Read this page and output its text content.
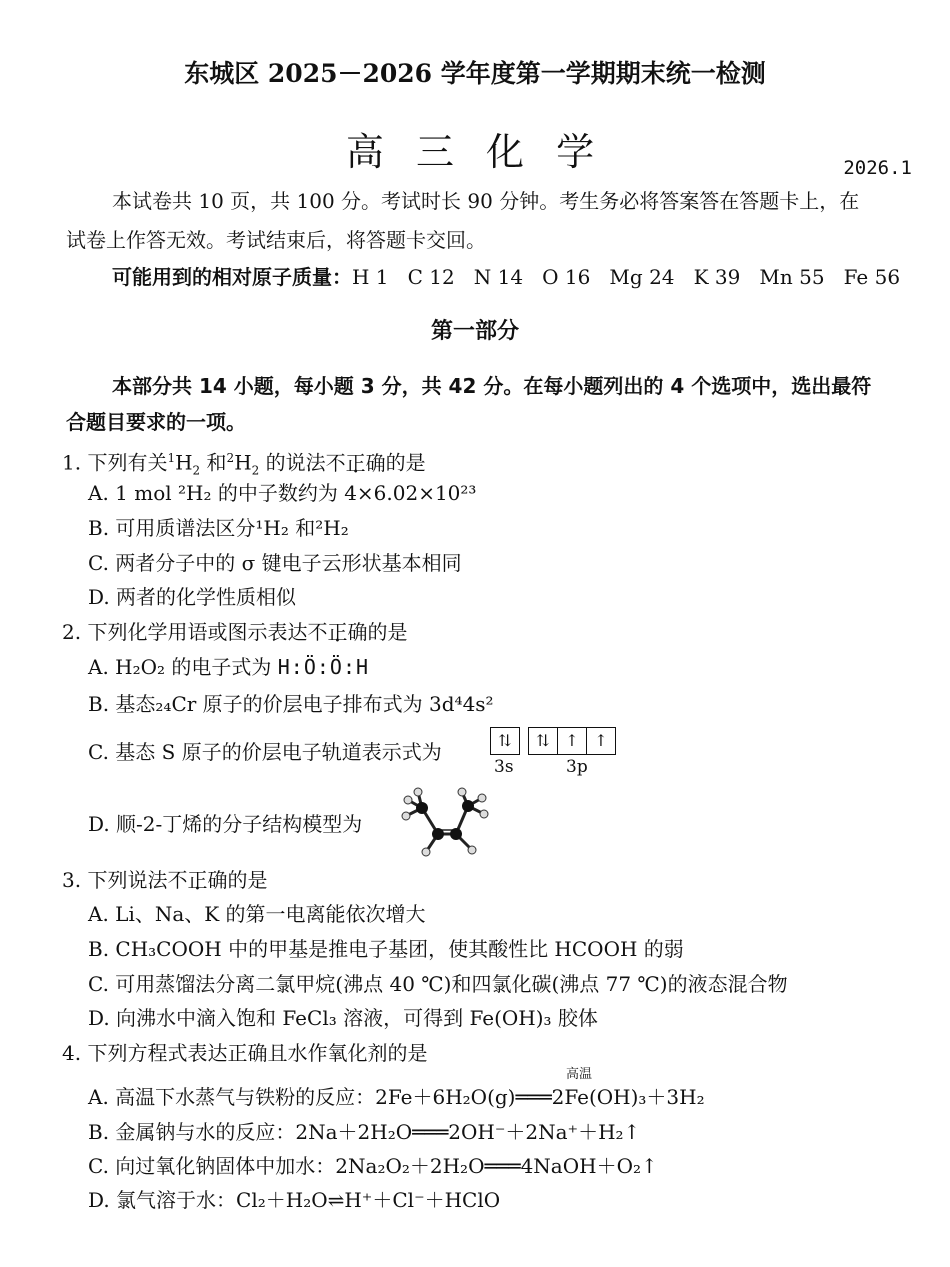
东城区 2025－2026 学年度第一学期期末统一检测
高 三 化 学	2026.1
本试卷共 10 页，共 100 分。考试时长 90 分钟。考生务必将答案答在答题卡上，在
试卷上作答无效。考试结束后，将答题卡交回。
可能用到的相对原子质量：H 1   C 12   N 14   O 16   Mg 24   K 39   Mn 55   Fe 56
第一部分
本部分共 14 小题，每小题 3 分，共 42 分。在每小题列出的 4 个选项中，选出最符
合题目要求的一项。
1. 下列有关$^1H_2$ 和$^2H_2$ 的说法不正确的是
A. 1 mol ²H₂ 的中子数约为 4×6.02×10²³
B. 可用质谱法区分¹H₂ 和²H₂
C. 两者分子中的 σ 键电子云形状基本相同
D. 两者的化学性质相似
2. 下列化学用语或图示表达不正确的是
A. H₂O₂ 的电子式为 H:Ö:Ö:H
B. 基态₂₄Cr 原子的价层电子排布式为 3d⁴4s²
C. 基态 S 原子的价层电子轨道表示式为	⇅	⇅ ↑ ↑
3s	3p
D. 顺-2-丁烯的分子结构模型为
3. 下列说法不正确的是
A. Li、Na、K 的第一电离能依次增大
B. CH₃COOH 中的甲基是推电子基团，使其酸性比 HCOOH 的弱
C. 可用蒸馏法分离二氯甲烷(沸点 40 ℃)和四氯化碳(沸点 77 ℃)的液态混合物
D. 向沸水中滴入饱和 FeCl₃ 溶液，可得到 Fe(OH)₃ 胶体
4. 下列方程式表达正确且水作氧化剂的是
高温
A. 高温下水蒸气与铁粉的反应：2Fe＋6H₂O(g)═══2Fe(OH)₃＋3H₂
B. 金属钠与水的反应：2Na＋2H₂O═══2OH⁻＋2Na⁺＋H₂↑
C. 向过氧化钠固体中加水：2Na₂O₂＋2H₂O═══4NaOH＋O₂↑
D. 氯气溶于水：Cl₂＋H₂O⇌H⁺＋Cl⁻＋HClO
